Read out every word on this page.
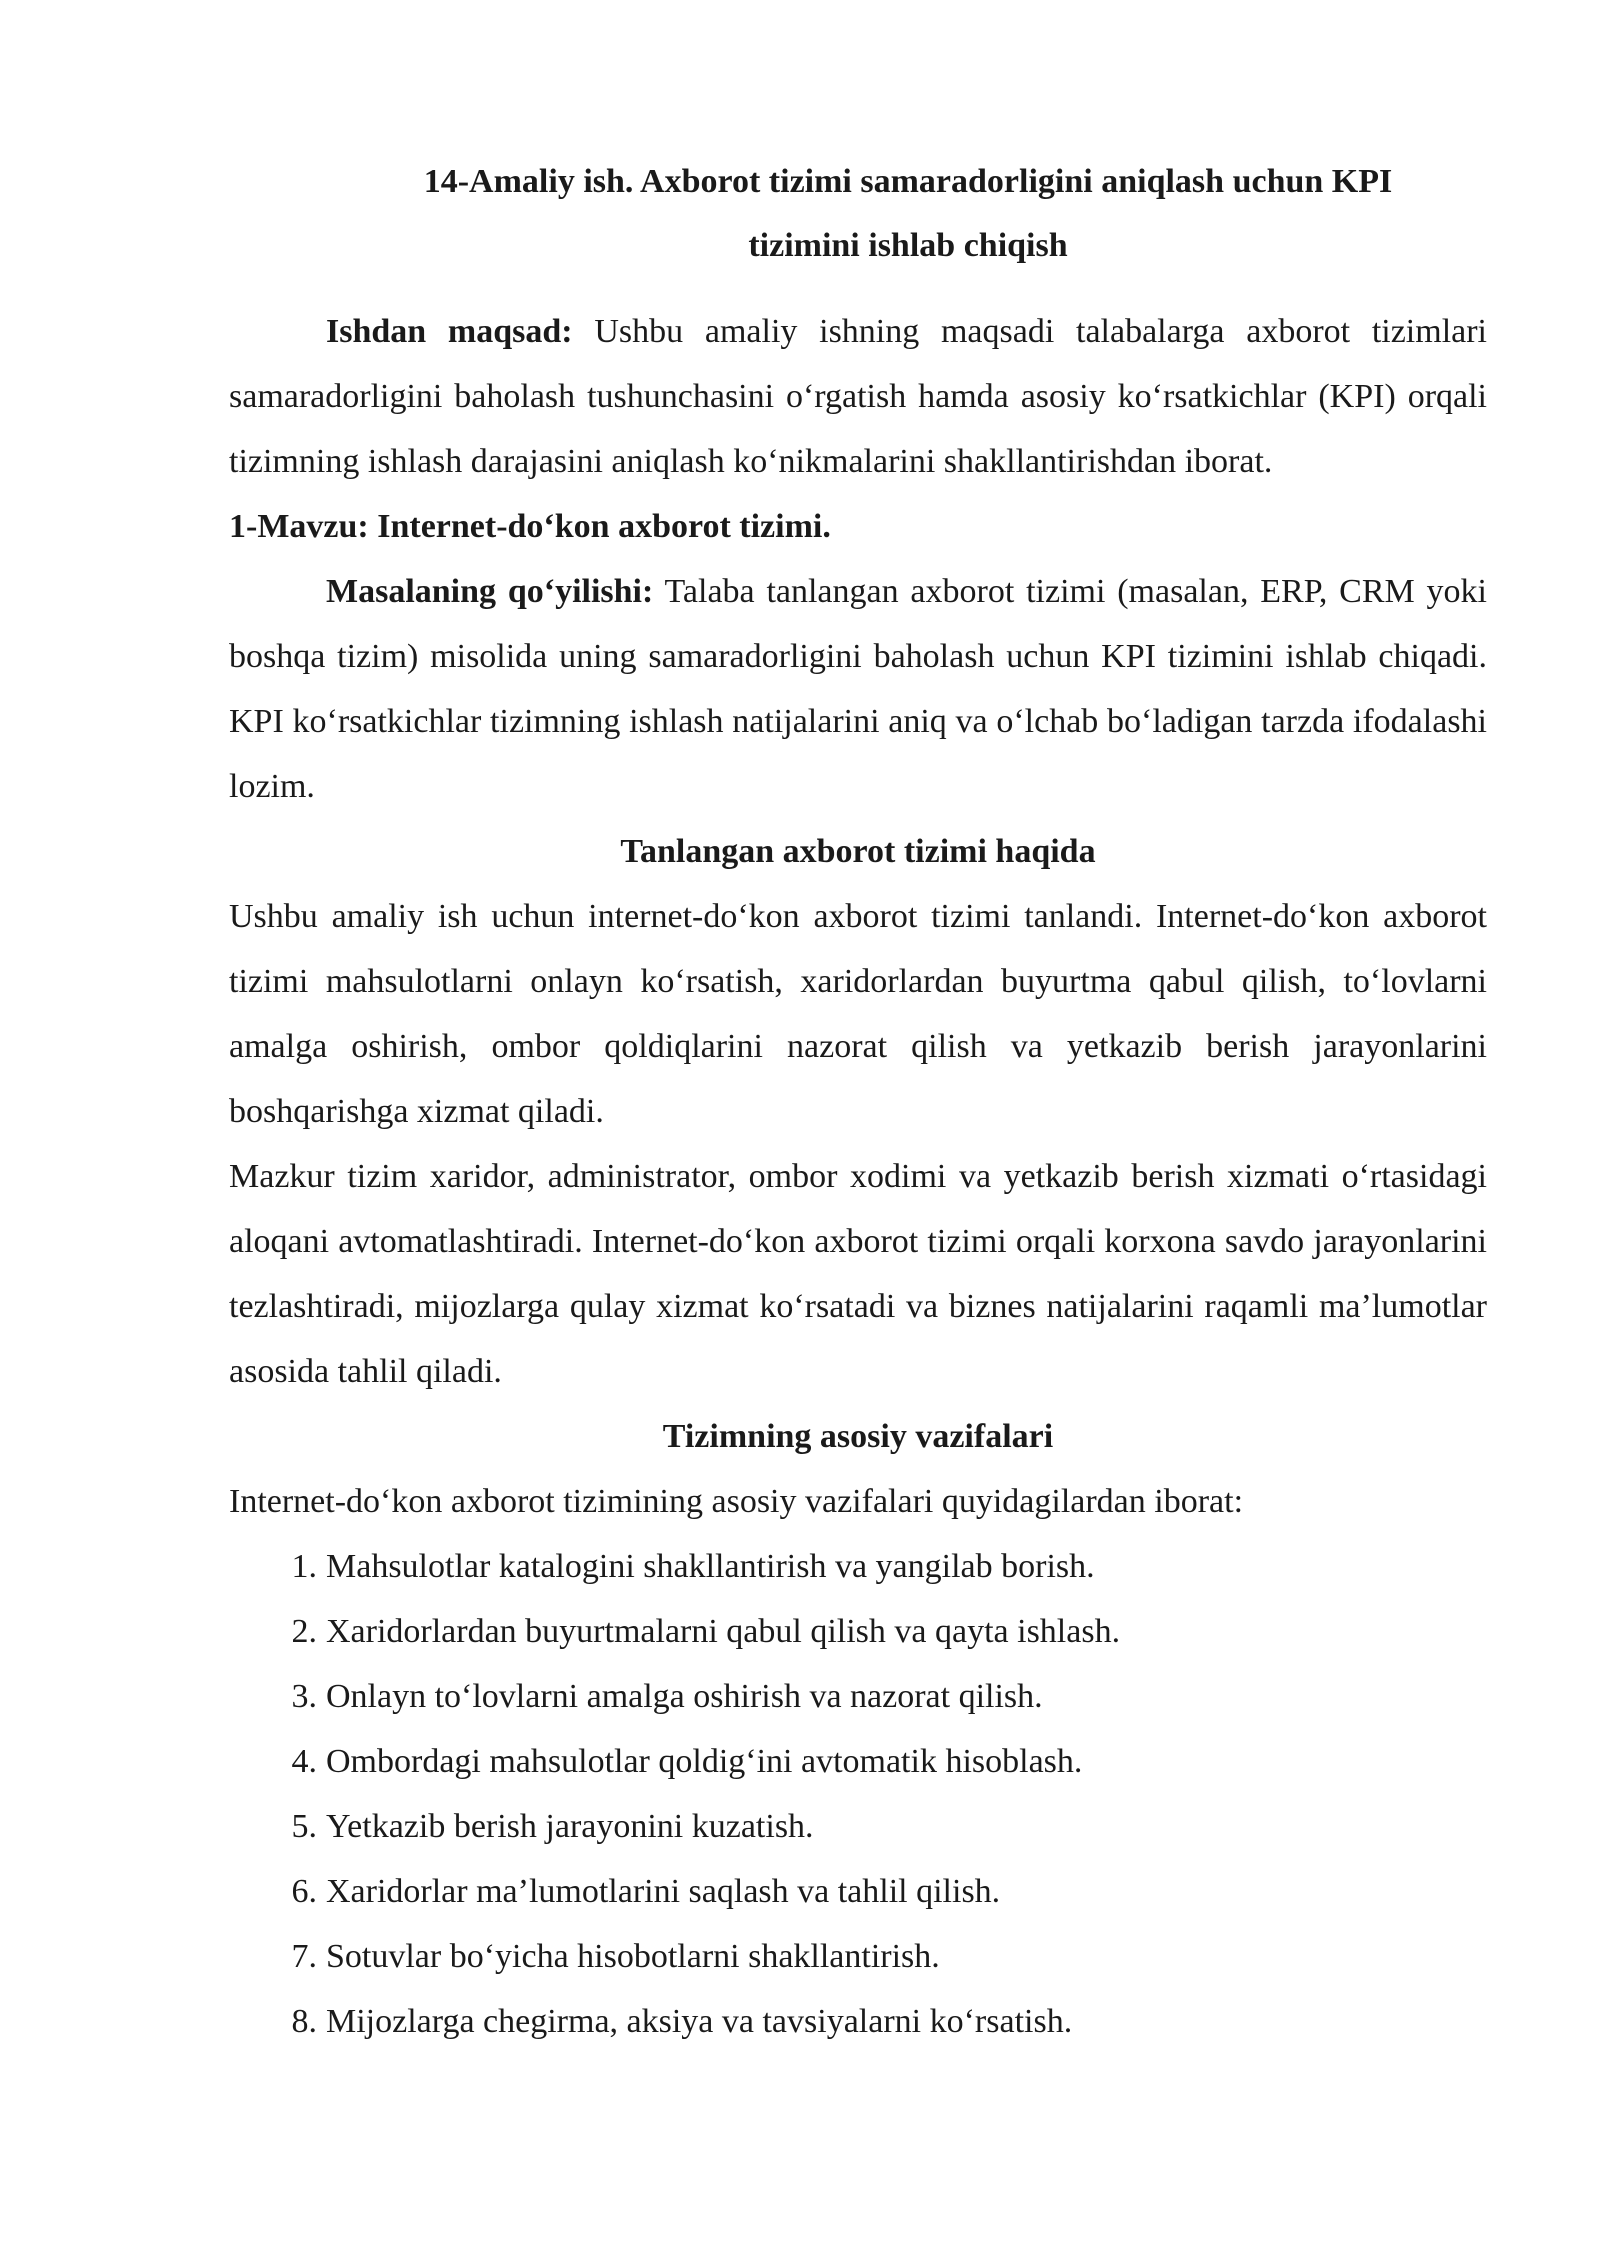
14-Amaliy ish. Axborot tizimi samaradorligini aniqlash uchun KPI
tizimini ishlab chiqish

Ishdan maqsad: Ushbu amaliy ishning maqsadi talabalarga axborot tizimlari samaradorligini baholash tushunchasini o‘rgatish hamda asosiy ko‘rsatkichlar (KPI) orqali tizimning ishlash darajasini aniqlash ko‘nikmalarini shakllantirishdan iborat.

1-Mavzu: Internet-do‘kon axborot tizimi.

Masalaning qo‘yilishi: Talaba tanlangan axborot tizimi (masalan, ERP, CRM yoki boshqa tizim) misolida uning samaradorligini baholash uchun KPI tizimini ishlab chiqadi. KPI ko‘rsatkichlar tizimning ishlash natijalarini aniq va o‘lchab bo‘ladigan tarzda ifodalashi lozim.

Tanlangan axborot tizimi haqida

Ushbu amaliy ish uchun internet-do‘kon axborot tizimi tanlandi. Internet-do‘kon axborot tizimi mahsulotlarni onlayn ko‘rsatish, xaridorlardan buyurtma qabul qilish, to‘lovlarni amalga oshirish, ombor qoldiqlarini nazorat qilish va yetkazib berish jarayonlarini boshqarishga xizmat qiladi.

Mazkur tizim xaridor, administrator, ombor xodimi va yetkazib berish xizmati o‘rtasidagi aloqani avtomatlashtiradi. Internet-do‘kon axborot tizimi orqali korxona savdo jarayonlarini tezlashtiradi, mijozlarga qulay xizmat ko‘rsatadi va biznes natijalarini raqamli ma’lumotlar asosida tahlil qiladi.

Tizimning asosiy vazifalari

Internet-do‘kon axborot tizimining asosiy vazifalari quyidagilardan iborat:

1. Mahsulotlar katalogini shakllantirish va yangilab borish.
2. Xaridorlardan buyurtmalarni qabul qilish va qayta ishlash.
3. Onlayn to‘lovlarni amalga oshirish va nazorat qilish.
4. Ombordagi mahsulotlar qoldig‘ini avtomatik hisoblash.
5. Yetkazib berish jarayonini kuzatish.
6. Xaridorlar ma’lumotlarini saqlash va tahlil qilish.
7. Sotuvlar bo‘yicha hisobotlarni shakllantirish.
8. Mijozlarga chegirma, aksiya va tavsiyalarni ko‘rsatish.
